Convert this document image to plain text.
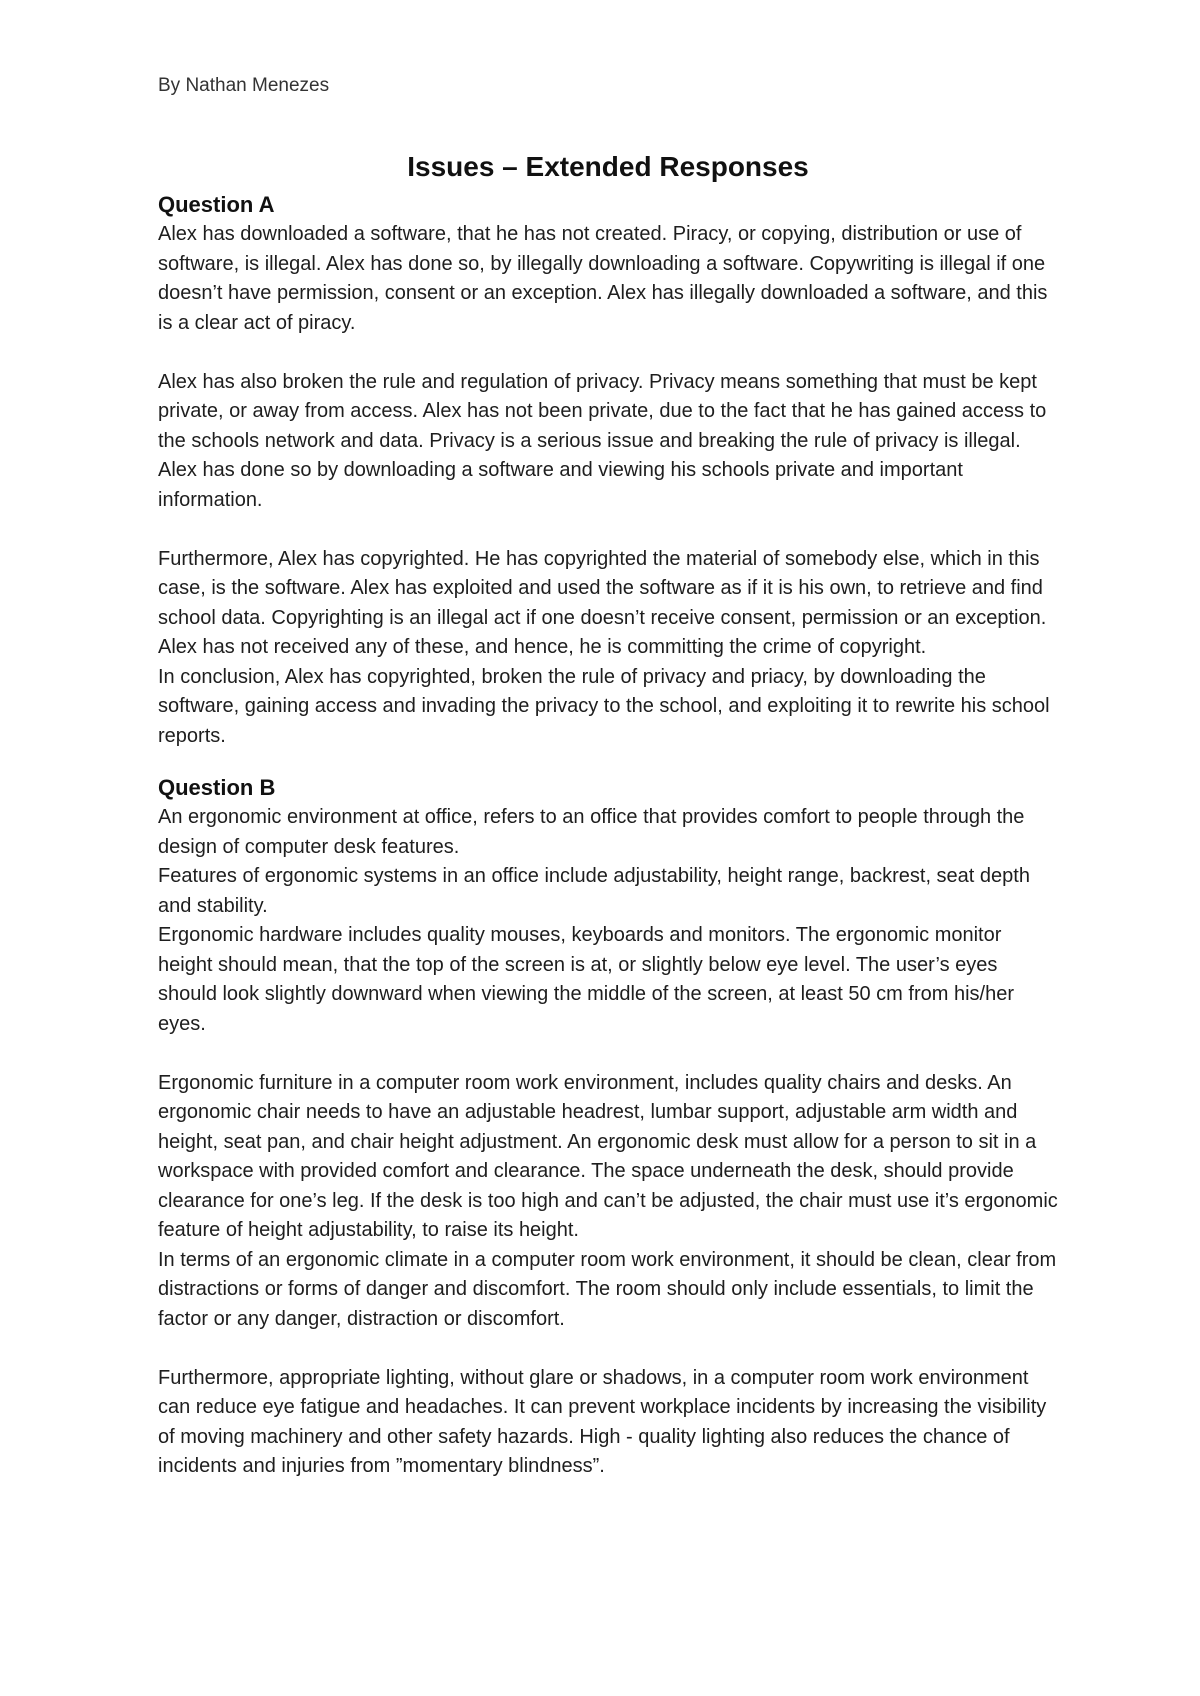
By Nathan Menezes
Issues – Extended Responses
Question A

Alex has downloaded a software, that he has not created. Piracy, or copying, distribution or use of software, is illegal. Alex has done so, by illegally downloading a software. Copywriting is illegal if one doesn’t have permission, consent or an exception. Alex has illegally downloaded a software, and this is a clear act of piracy.

Alex has also broken the rule and regulation of privacy. Privacy means something that must be kept private, or away from access. Alex has not been private, due to the fact that he has gained access to the schools network and data. Privacy is a serious issue and breaking the rule of privacy is illegal. Alex has done so by downloading a software and viewing his schools private and important information.

Furthermore, Alex has copyrighted. He has copyrighted the material of somebody else, which in this case, is the software. Alex has exploited and used the software as if it is his own, to retrieve and find school data. Copyrighting is an illegal act if one doesn’t receive consent, permission or an exception. Alex has not received any of these, and hence, he is committing the crime of copyright.

In conclusion, Alex has copyrighted, broken the rule of privacy and priacy, by downloading the software, gaining access and invading the privacy to the school, and exploiting it to rewrite his school reports.

Question B

An ergonomic environment at office, refers to an office that provides comfort to people through the design of computer desk features.

Features of ergonomic systems in an office include adjustability, height range, backrest, seat depth and stability.

Ergonomic hardware includes quality mouses, keyboards and monitors. The ergonomic monitor height should mean, that the top of the screen is at, or slightly below eye level. The user’s eyes should look slightly downward when viewing the middle of the screen, at least 50 cm from his/her eyes.

Ergonomic furniture in a computer room work environment, includes quality chairs and desks. An ergonomic chair needs to have an adjustable headrest, lumbar support, adjustable arm width and height, seat pan, and chair height adjustment. An ergonomic desk must allow for a person to sit in a workspace with provided comfort and clearance. The space underneath the desk, should provide clearance for one’s leg. If the desk is too high and can’t be adjusted, the chair must use it’s ergonomic feature of height adjustability, to raise its height.

In terms of an ergonomic climate in a computer room work environment, it should be clean, clear from distractions or forms of danger and discomfort. The room should only include essentials, to limit the factor or any danger, distraction or discomfort.

Furthermore, appropriate lighting, without glare or shadows, in a computer room work environment can reduce eye fatigue and headaches. It can prevent workplace incidents by increasing the visibility of moving machinery and other safety hazards. High - quality lighting also reduces the chance of incidents and injuries from ”momentary blindness”.
